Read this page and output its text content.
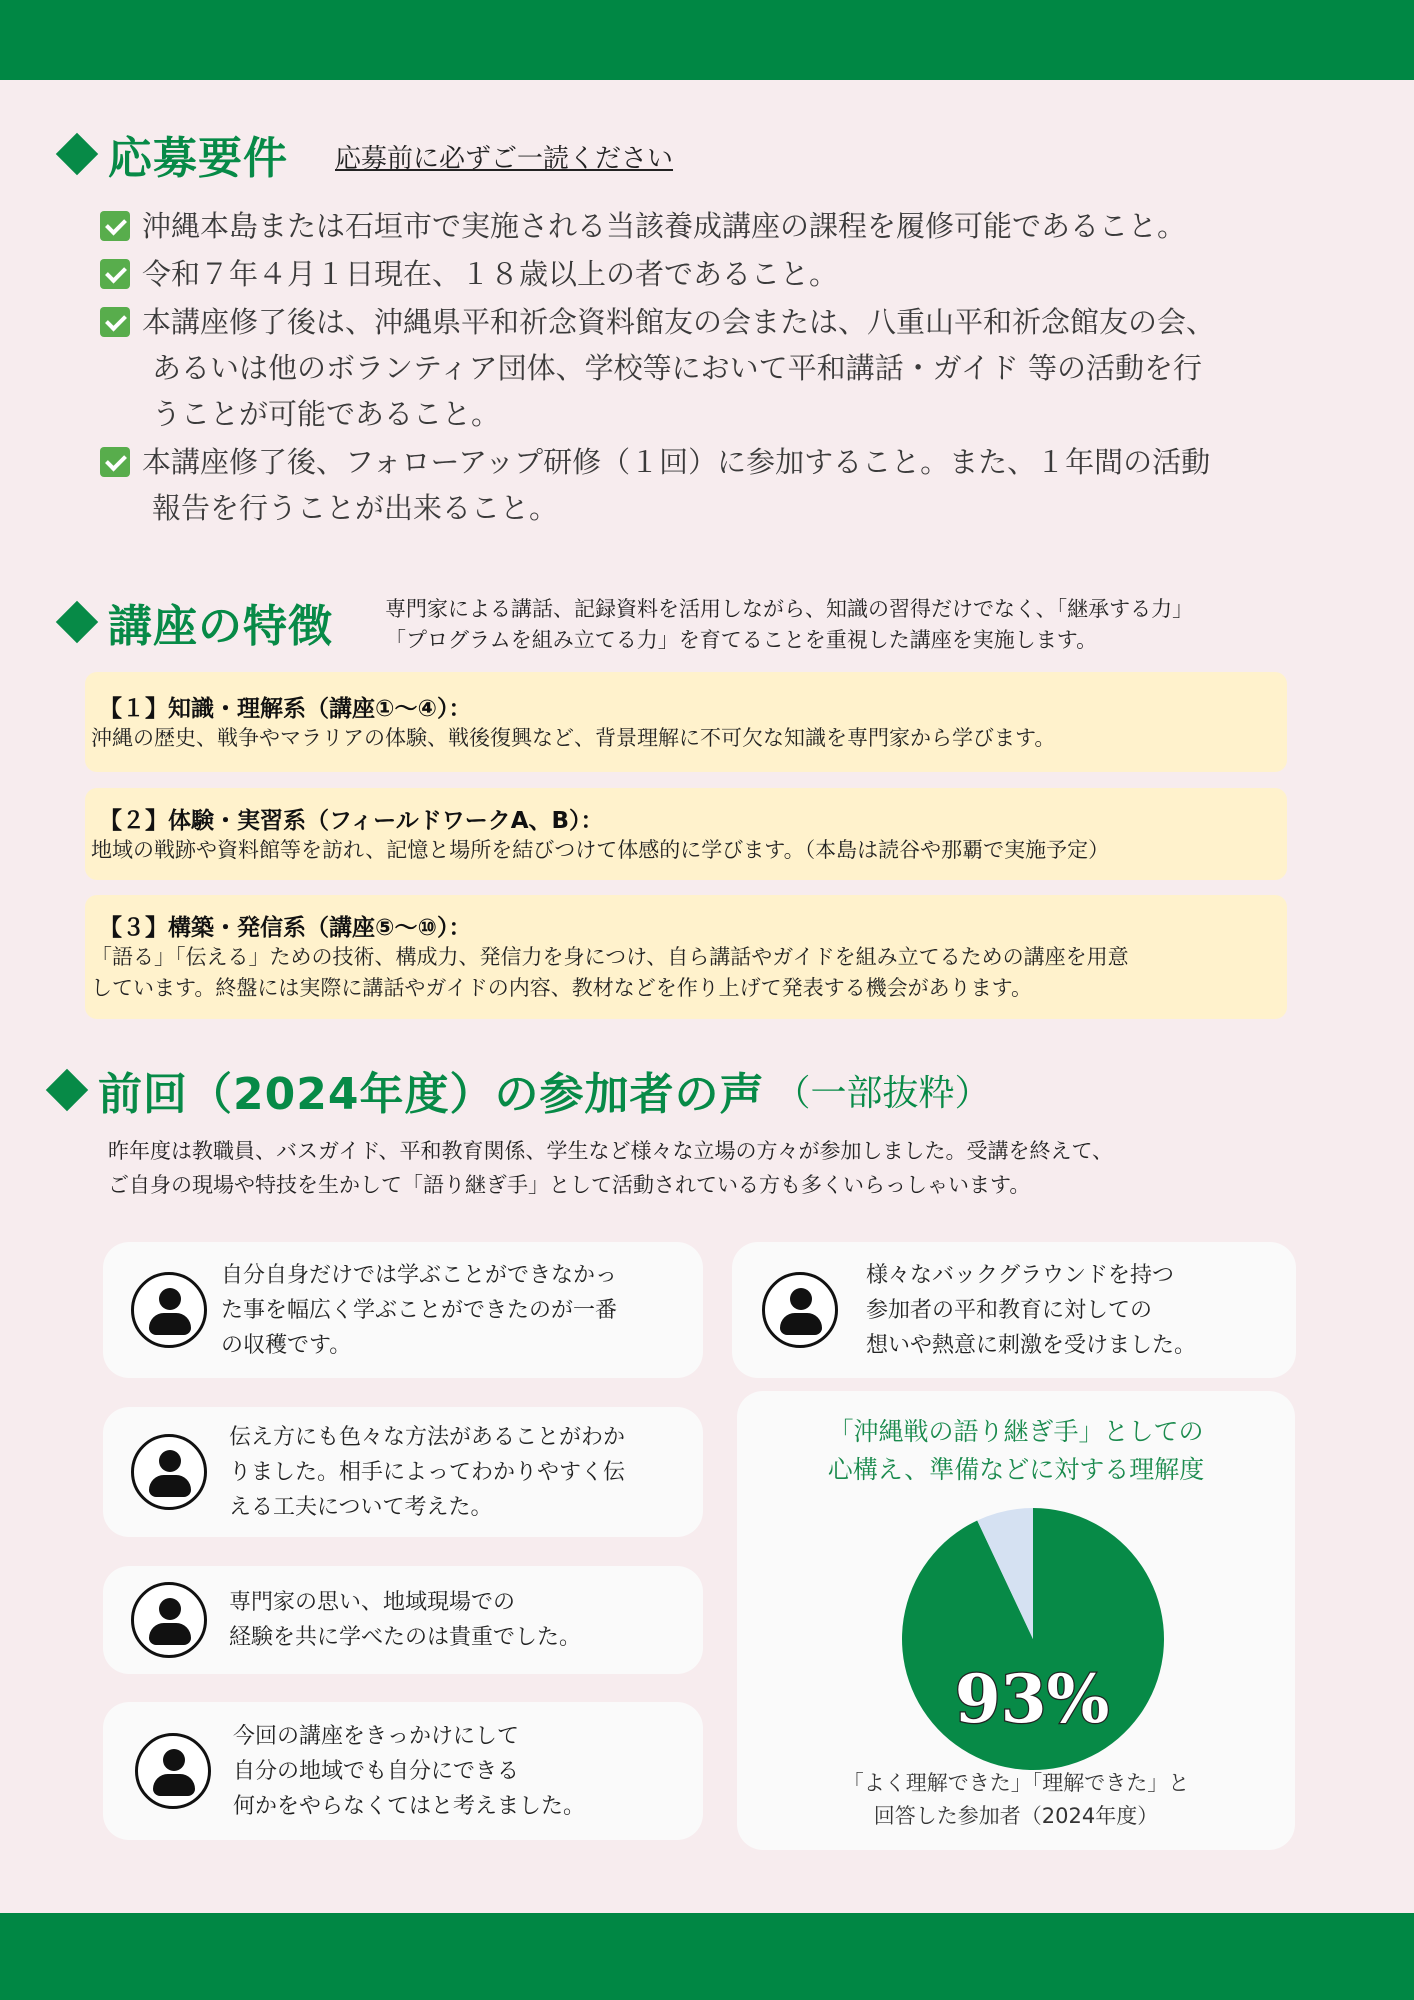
応募要件 応募前に必ずご一読ください
沖縄本島または石垣市で実施される当該養成講座の課程を履修可能であること。
令和７年４月１日現在、１８歳以上の者であること。
本講座修了後は、沖縄県平和祈念資料館友の会または、八重山平和祈念館友の会、
あるいは他のボランティア団体、学校等において平和講話・ガイド 等の活動を行
うことが可能であること。
本講座修了後、フォローアップ研修（１回）に参加すること。また、１年間の活動
報告を行うことが出来ること。
講座の特徴 専門家による講話、記録資料を活用しながら、知識の習得だけでなく、「継承する力」
「プログラムを組み立てる力」を育てることを重視した講座を実施します。
【１】知識・理解系（講座①〜④）：

沖縄の歴史、戦争やマラリアの体験、戦後復興など、背景理解に不可欠な知識を専門家から学びます。

【２】体験・実習系（フィールドワークA、B）：

地域の戦跡や資料館等を訪れ、記憶と場所を結びつけて体感的に学びます。（本島は読谷や那覇で実施予定）

【３】構築・発信系（講座⑤〜⑩）：

「語る」「伝える」ための技術、構成力、発信力を身につけ、自ら講話やガイドを組み立てるための講座を用意

しています。終盤には実際に講話やガイドの内容、教材などを作り上げて発表する機会があります。

前回（2024年度）の参加者の声 （一部抜粋）
昨年度は教職員、バスガイド、平和教育関係、学生など様々な立場の方々が参加しました。受講を終えて、
ご自身の現場や特技を生かして「語り継ぎ手」として活動されている方も多くいらっしゃいます。

自分自身だけでは学ぶことができなかっ
た事を幅広く学ぶことができたのが一番
の収穫です。

様々なバックグラウンドを持つ
参加者の平和教育に対しての
想いや熱意に刺激を受けました。

伝え方にも色々な方法があることがわか
りました。相手によってわかりやすく伝
える工夫について考えた。

専門家の思い、地域現場での
経験を共に学べたのは貴重でした。

今回の講座をきっかけにして
自分の地域でも自分にできる
何かをやらなくてはと考えました。

93%
「沖縄戦の語り継ぎ手」としての
心構え、準備などに対する理解度
「よく理解できた」「理解できた」と
回答した参加者（2024年度）
